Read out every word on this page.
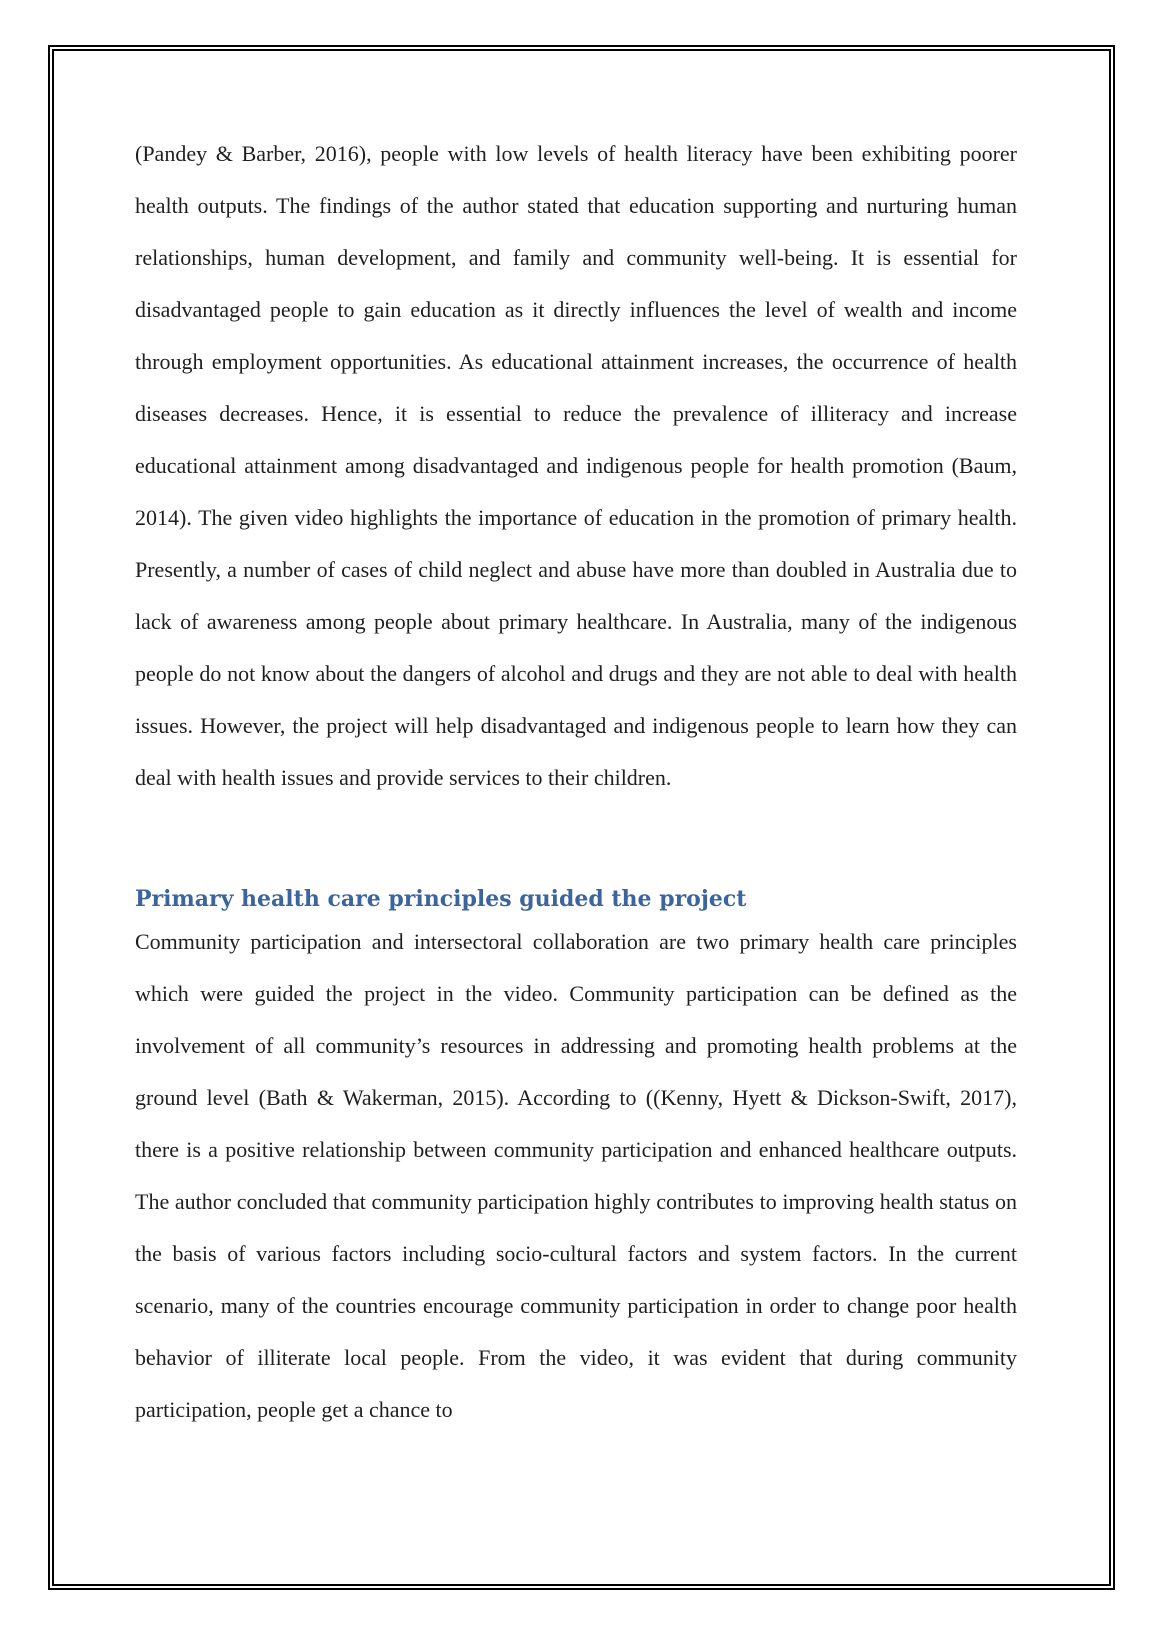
(Pandey & Barber, 2016), people with low levels of health literacy have been exhibiting poorer health outputs. The findings of the author stated that education supporting and nurturing human relationships, human development, and family and community well-being. It is essential for disadvantaged people to gain education as it directly influences the level of wealth and income through employment opportunities. As educational attainment increases, the occurrence of health diseases decreases. Hence, it is essential to reduce the prevalence of illiteracy and increase educational attainment among disadvantaged and indigenous people for health promotion (Baum, 2014). The given video highlights the importance of education in the promotion of primary health. Presently, a number of cases of child neglect and abuse have more than doubled in Australia due to lack of awareness among people about primary healthcare. In Australia, many of the indigenous people do not know about the dangers of alcohol and drugs and they are not able to deal with health issues. However, the project will help disadvantaged and indigenous people to learn how they can deal with health issues and provide services to their children.

Primary health care principles guided the project

Community participation and intersectoral collaboration are two primary health care principles which were guided the project in the video. Community participation can be defined as the involvement of all community’s resources in addressing and promoting health problems at the ground level (Bath & Wakerman, 2015). According to ((Kenny, Hyett & Dickson-Swift, 2017), there is a positive relationship between community participation and enhanced healthcare outputs. The author concluded that community participation highly contributes to improving health status on the basis of various factors including socio-cultural factors and system factors. In the current scenario, many of the countries encourage community participation in order to change poor health behavior of illiterate local people. From the video, it was evident that during community participation, people get a chance to
